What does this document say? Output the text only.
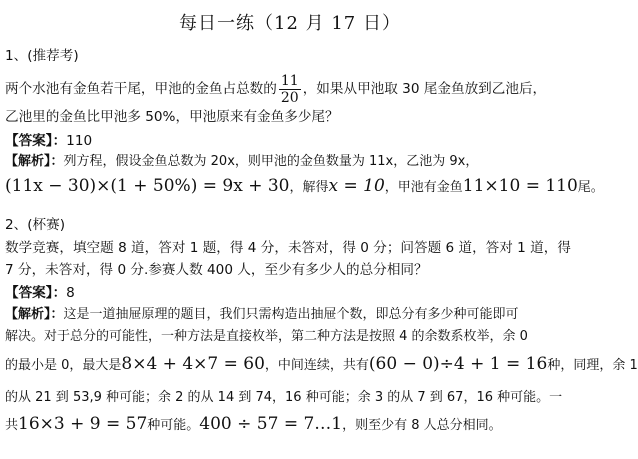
每日一练（12 月 17 日）
1、(推荐考)
两个水池有金鱼若干尾，甲池的金鱼占总数的 $\frac{11}{20}$ ，如果从甲池取 30 尾金鱼放到乙池后，
乙池里的金鱼比甲池多 50%，甲池原来有金鱼多少尾？
【答案】：110
【解析】：列方程，假设金鱼总数为 20x，则甲池的金鱼数量为 11x，乙池为 9x，
(11x − 30)×(1 + 50%) = 9x + 30，解得x = 10，甲池有金鱼11×10 = 110尾。
2、(杯赛)
数学竞赛，填空题 8 道，答对 1 题，得 4 分，未答对，得 0 分；问答题 6 道，答对 1 道，得
7 分，未答对，得 0 分.参赛人数 400 人，至少有多少人的总分相同？
【答案】：8
【解析】：这是一道抽屉原理的题目，我们只需构造出抽屉个数，即总分有多少种可能即可
解决。对于总分的可能性，一种方法是直接枚举，第二种方法是按照 4 的余数系枚举，余 0
的最小是 0，最大是8×4 + 4×7 = 60，中间连续，共有(60 − 0)÷4 + 1 = 16种，同理，余 1
的从 21 到 53,9 种可能；余 2 的从 14 到 74，16 种可能；余 3 的从 7 到 67，16 种可能。一
共16×3 + 9 = 57种可能。400 ÷ 57 = 7…1，则至少有 8 人总分相同。
